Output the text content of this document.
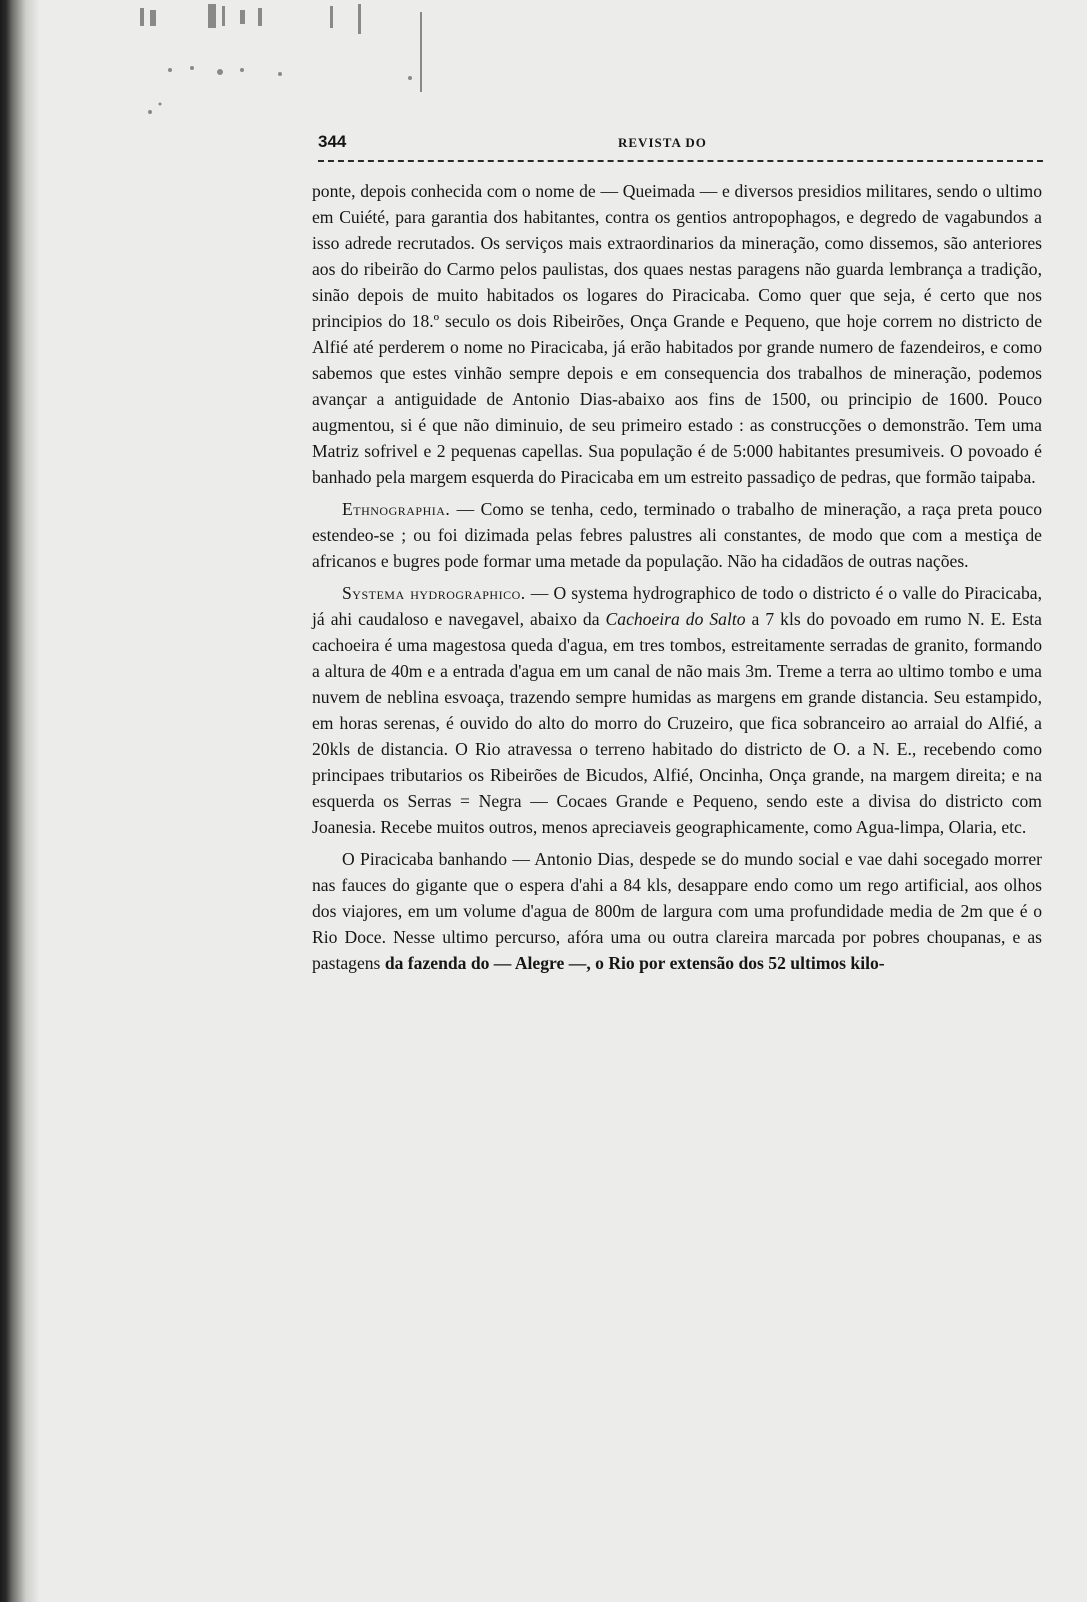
344	REVISTA DO

ponte, depois conhecida com o nome de — Queimada — e diversos presidios militares, sendo o ultimo em Cuiété, para garantia dos habitantes, contra os gentios antropophagos, e degredo de vagabundos a isso adrede recrutados. Os serviços mais extraordinarios da mineração, como dissemos, são anteriores aos do ribeirão do Carmo pelos paulistas, dos quaes nestas paragens não guarda lembrança a tradição, sinão depois de muito habitados os logares do Piracicaba. Como quer que seja, é certo que nos principios do 18.º seculo os dois Ribeirões, Onça Grande e Pequeno, que hoje correm no districto de Alfié até perderem o nome no Piracicaba, já erão habitados por grande numero de fazendeiros, e como sabemos que estes vinhão sempre depois e em consequencia dos trabalhos de mineração, podemos avançar a antiguidade de Antonio Dias-abaixo aos fins de 1500, ou principio de 1600. Pouco augmentou, si é que não diminuio, de seu primeiro estado : as construcções o demonstrão. Tem uma Matriz sofrivel e 2 pequenas capellas. Sua população é de 5:000 habitantes presumiveis. O povoado é banhado pela margem esquerda do Piracicaba em um estreito passadiço de pedras, que formão taipaba.

Ethnographia. — Como se tenha, cedo, terminado o trabalho de mineração, a raça preta pouco estendeo-se ; ou foi dizimada pelas febres palustres ali constantes, de modo que com a mestiça de africanos e bugres pode formar uma metade da população. Não ha cidadãos de outras nações.

Systema hydrographico. — O systema hydrographico de todo o districto é o valle do Piracicaba, já ahi caudaloso e navegavel, abaixo da Cachoeira do Salto a 7 kls do povoado em rumo N. E. Esta cachoeira é uma magestosa queda d'agua, em tres tombos, estreitamente serradas de granito, formando a altura de 40m e a entrada d'agua em um canal de não mais 3m. Treme a terra ao ultimo tombo e uma nuvem de neblina esvoaça, trazendo sempre humidas as margens em grande distancia. Seu estampido, em horas serenas, é ouvido do alto do morro do Cruzeiro, que fica sobranceiro ao arraial do Alfié, a 20kls de distancia. O Rio atravessa o terreno habitado do districto de O. a N. E., recebendo como principaes tributarios os Ribeirões de Bicudos, Alfié, Oncinha, Onça grande, na margem direita; e na esquerda os Serras = Negra — Cocaes Grande e Pequeno, sendo este a divisa do districto com Joanesia. Recebe muitos outros, menos apreciaveis geographicamente, como Agua-limpa, Olaria, etc.

O Piracicaba banhando — Antonio Dias, despede se do mundo social e vae dahi socegado morrer nas fauces do gigante que o espera d'ahi a 84 kls, desappare endo como um rego artificial, aos olhos dos viajores, em um volume d'agua de 800m de largura com uma profundidade media de 2m que é o Rio Doce. Nesse ultimo percurso, afóra uma ou outra clareira marcada por pobres choupanas, e as pastagens da fazenda do — Alegre —, o Rio por extensão dos 52 ultimos kilo-
